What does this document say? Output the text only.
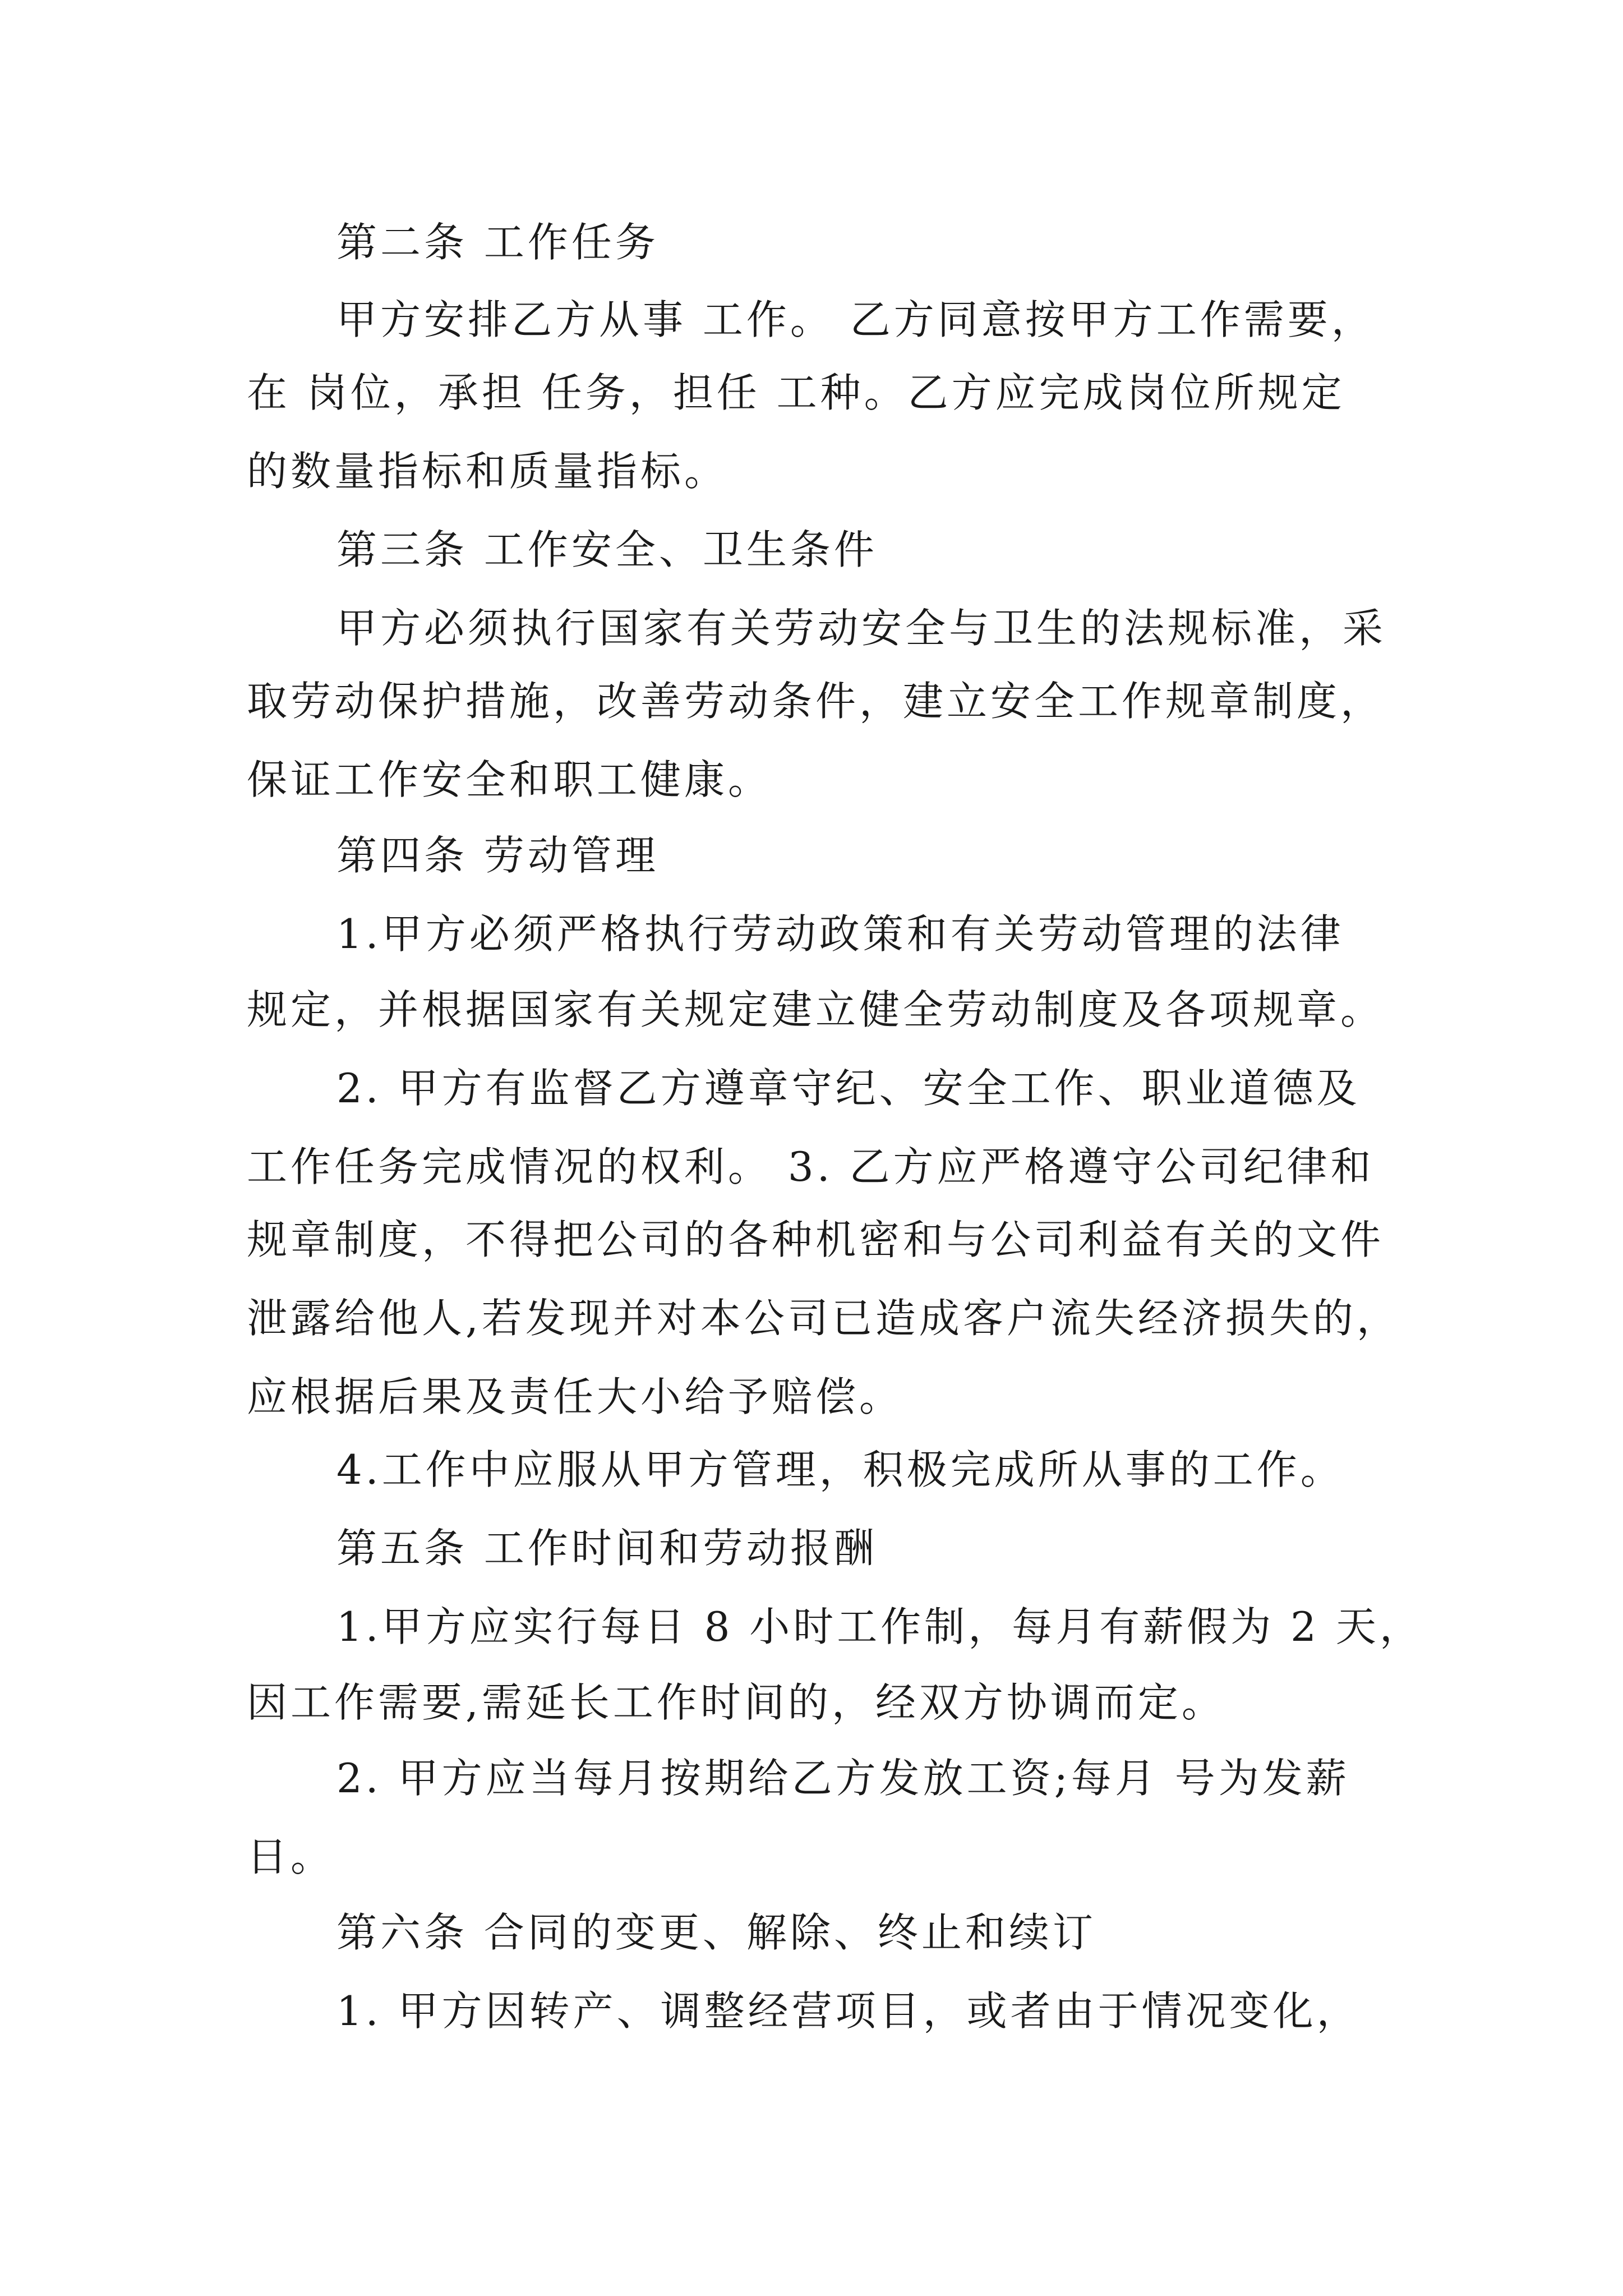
第二条 工作任务
甲方安排乙方从事 工作。 乙方同意按甲方工作需要，
在 岗位，承担 任务，担任 工种。乙方应完成岗位所规定
的数量指标和质量指标。
第三条 工作安全、卫生条件
甲方必须执行国家有关劳动安全与卫生的法规标准，采
取劳动保护措施，改善劳动条件，建立安全工作规章制度，
保证工作安全和职工健康。
第四条 劳动管理
1.甲方必须严格执行劳动政策和有关劳动管理的法律
规定，并根据国家有关规定建立健全劳动制度及各项规章。
2. 甲方有监督乙方遵章守纪、安全工作、职业道德及
工作任务完成情况的权利。 3. 乙方应严格遵守公司纪律和
规章制度，不得把公司的各种机密和与公司利益有关的文件
泄露给他人,若发现并对本公司已造成客户流失经济损失的，
应根据后果及责任大小给予赔偿。
4.工作中应服从甲方管理，积极完成所从事的工作。
第五条 工作时间和劳动报酬
1.甲方应实行每日 8 小时工作制，每月有薪假为 2 天，
因工作需要,需延长工作时间的，经双方协调而定。
2. 甲方应当每月按期给乙方发放工资;每月 号为发薪
日。
第六条 合同的变更、解除、终止和续订
1. 甲方因转产、调整经营项目，或者由于情况变化，
